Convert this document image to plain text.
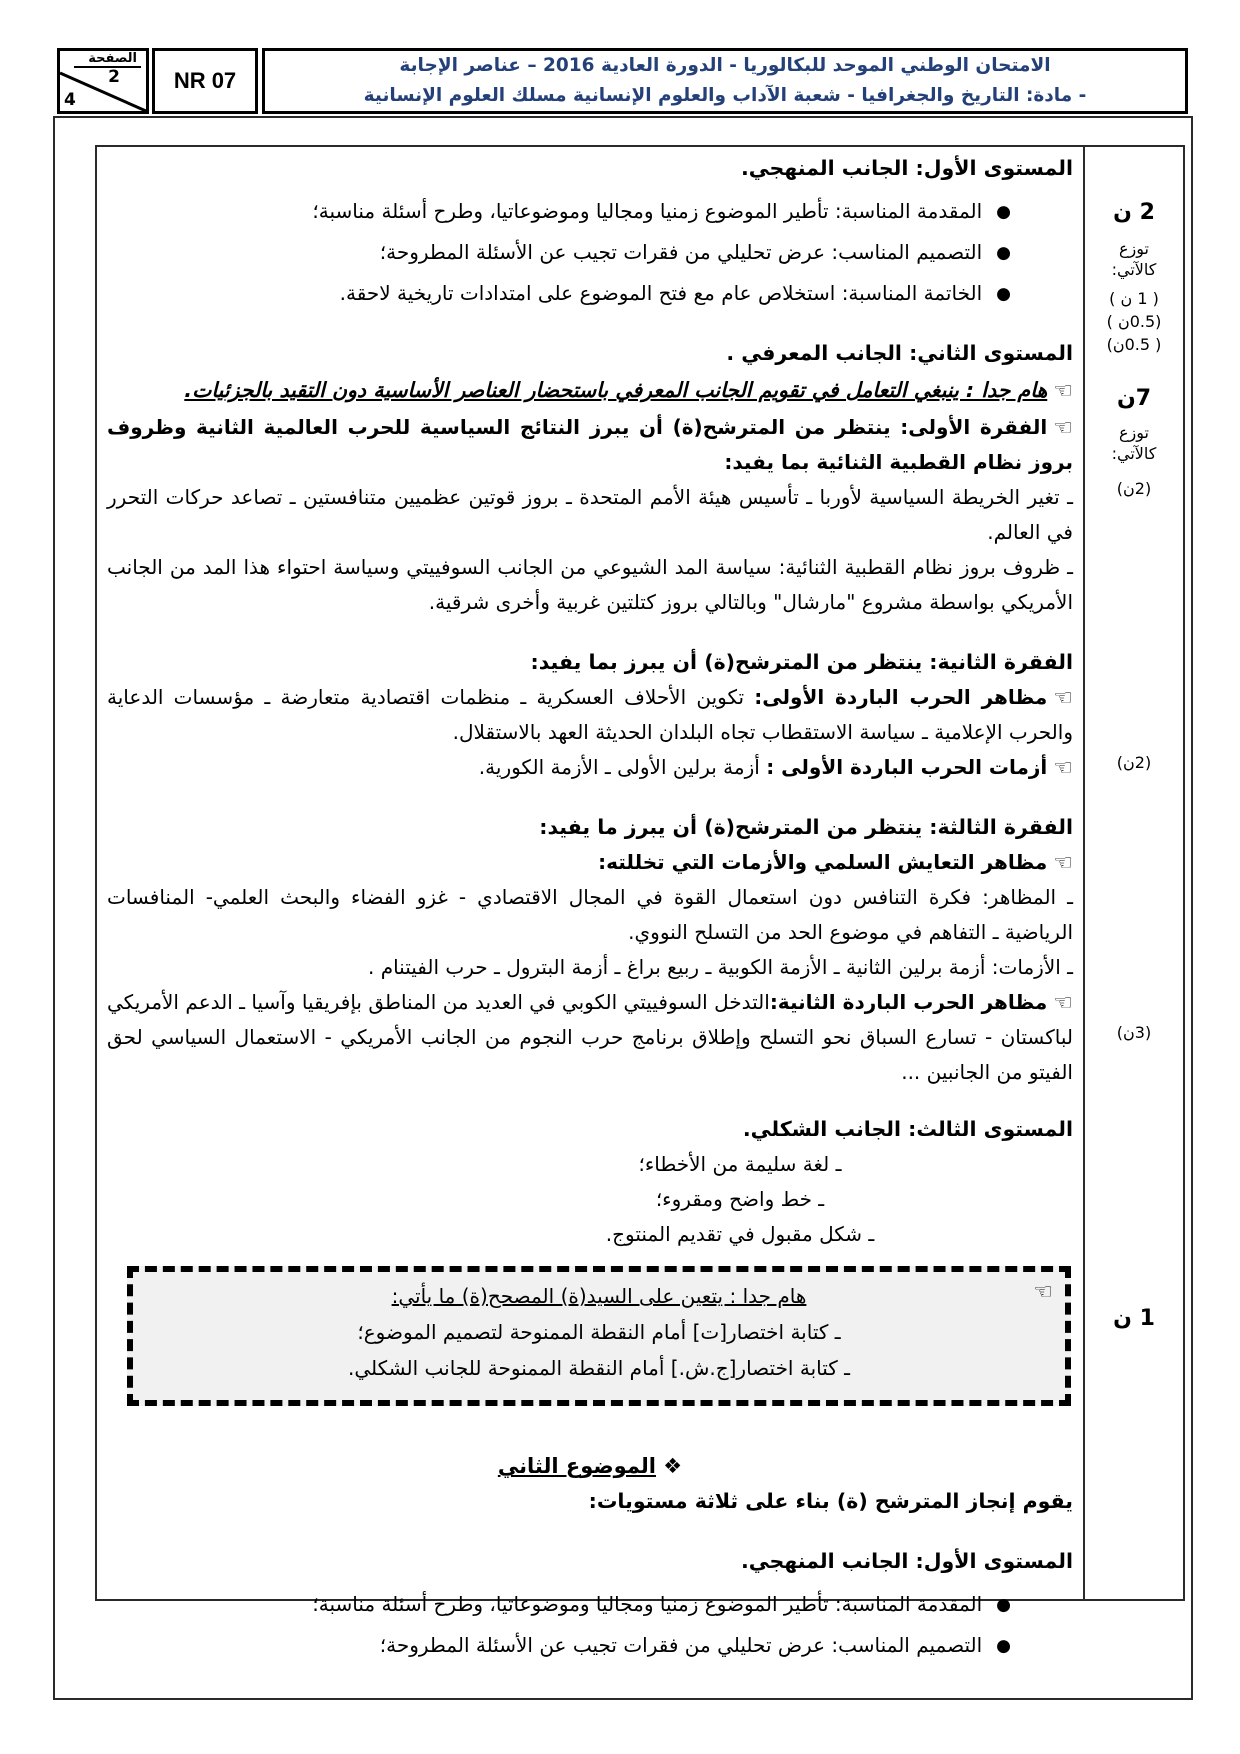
الصفحة
2
4
NR 07
الامتحان الوطني الموحد للبكالوريا - الدورة العادية 2016 – عناصر الإجابة
- مادة: التاريخ والجغرافيا - شعبة الآداب والعلوم الإنسانية مسلك العلوم الإنسانية
المستوى الأول: الجانب المنهجي.
●المقدمة المناسبة: تأطير الموضوع زمنيا ومجاليا وموضوعاتيا، وطرح أسئلة مناسبة؛
●التصميم المناسب: عرض تحليلي من فقرات تجيب عن الأسئلة المطروحة؛
●الخاتمة المناسبة: استخلاص عام مع فتح الموضوع على امتدادات تاريخية لاحقة.
المستوى الثاني: الجانب المعرفي .
☜هام جدا : ينبغي التعامل في تقويم الجانب المعرفي باستحضار العناصر الأساسية دون التقيد بالجزئيات.
☜الفقرة الأولى: ينتظر من المترشح(ة) أن يبرز النتائج السياسية للحرب العالمية الثانية وظروف بروز نظام القطبية الثنائية بما يفيد:
ـ تغير الخريطة السياسية لأوربا ـ تأسيس هيئة الأمم المتحدة ـ بروز قوتين عظميين متنافستين ـ تصاعد حركات التحرر في العالم.
ـ ظروف بروز نظام القطبية الثنائية: سياسة المد الشيوعي من الجانب السوفييتي وسياسة احتواء هذا المد من الجانب الأمريكي بواسطة مشروع "مارشال" وبالتالي بروز كتلتين غربية وأخرى شرقية.
الفقرة الثانية: ينتظر من المترشح(ة) أن يبرز بما يفيد:
☜مظاهر الحرب الباردة الأولى: تكوين الأحلاف العسكرية ـ منظمات اقتصادية متعارضة ـ مؤسسات الدعاية والحرب الإعلامية ـ سياسة الاستقطاب تجاه البلدان الحديثة العهد بالاستقلال.
☜أزمات الحرب الباردة الأولى : أزمة برلين الأولى ـ الأزمة الكورية.
الفقرة الثالثة: ينتظر من المترشح(ة) أن يبرز ما يفيد:
☜مظاهر التعايش السلمي والأزمات التي تخللته:
ـ المظاهر: فكرة التنافس دون استعمال القوة في المجال الاقتصادي - غزو الفضاء والبحث العلمي- المنافسات الرياضية ـ التفاهم في موضوع الحد من التسلح النووي.
ـ الأزمات: أزمة برلين الثانية ـ الأزمة الكوبية ـ ربيع براغ ـ أزمة البترول ـ حرب الفيتنام .
☜مظاهر الحرب الباردة الثانية:التدخل السوفييتي الكوبي في العديد من المناطق بإفريقيا وآسيا ـ الدعم الأمريكي لباكستان - تسارع السباق نحو التسلح وإطلاق برنامج حرب النجوم من الجانب الأمريكي - الاستعمال السياسي لحق الفيتو من الجانبين ...
المستوى الثالث: الجانب الشكلي.
ـ لغة سليمة من الأخطاء؛
ـ خط واضح ومقروء؛
ـ شكل مقبول في تقديم المنتوج.
☜
هام جدا : يتعين على السيد(ة) المصحح(ة) ما يأتي:
ـ كتابة اختصار[ت] أمام النقطة الممنوحة لتصميم الموضوع؛
ـ كتابة اختصار[ج.ش.] أمام النقطة الممنوحة للجانب الشكلي.
❖ الموضوع الثاني
يقوم إنجاز المترشح (ة) بناء على ثلاثة مستويات:
المستوى الأول: الجانب المنهجي.
●المقدمة المناسبة: تأطير الموضوع زمنيا ومجاليا وموضوعاتيا، وطرح أسئلة مناسبة؛
●التصميم المناسب: عرض تحليلي من فقرات تجيب عن الأسئلة المطروحة؛
2 ن
توزع
كالآتي:
( 1 ن )
(0.5ن )
( 0.5ن)
7ن
توزع
كالآتي:
(2ن)
(2ن)
(3ن)
1 ن
